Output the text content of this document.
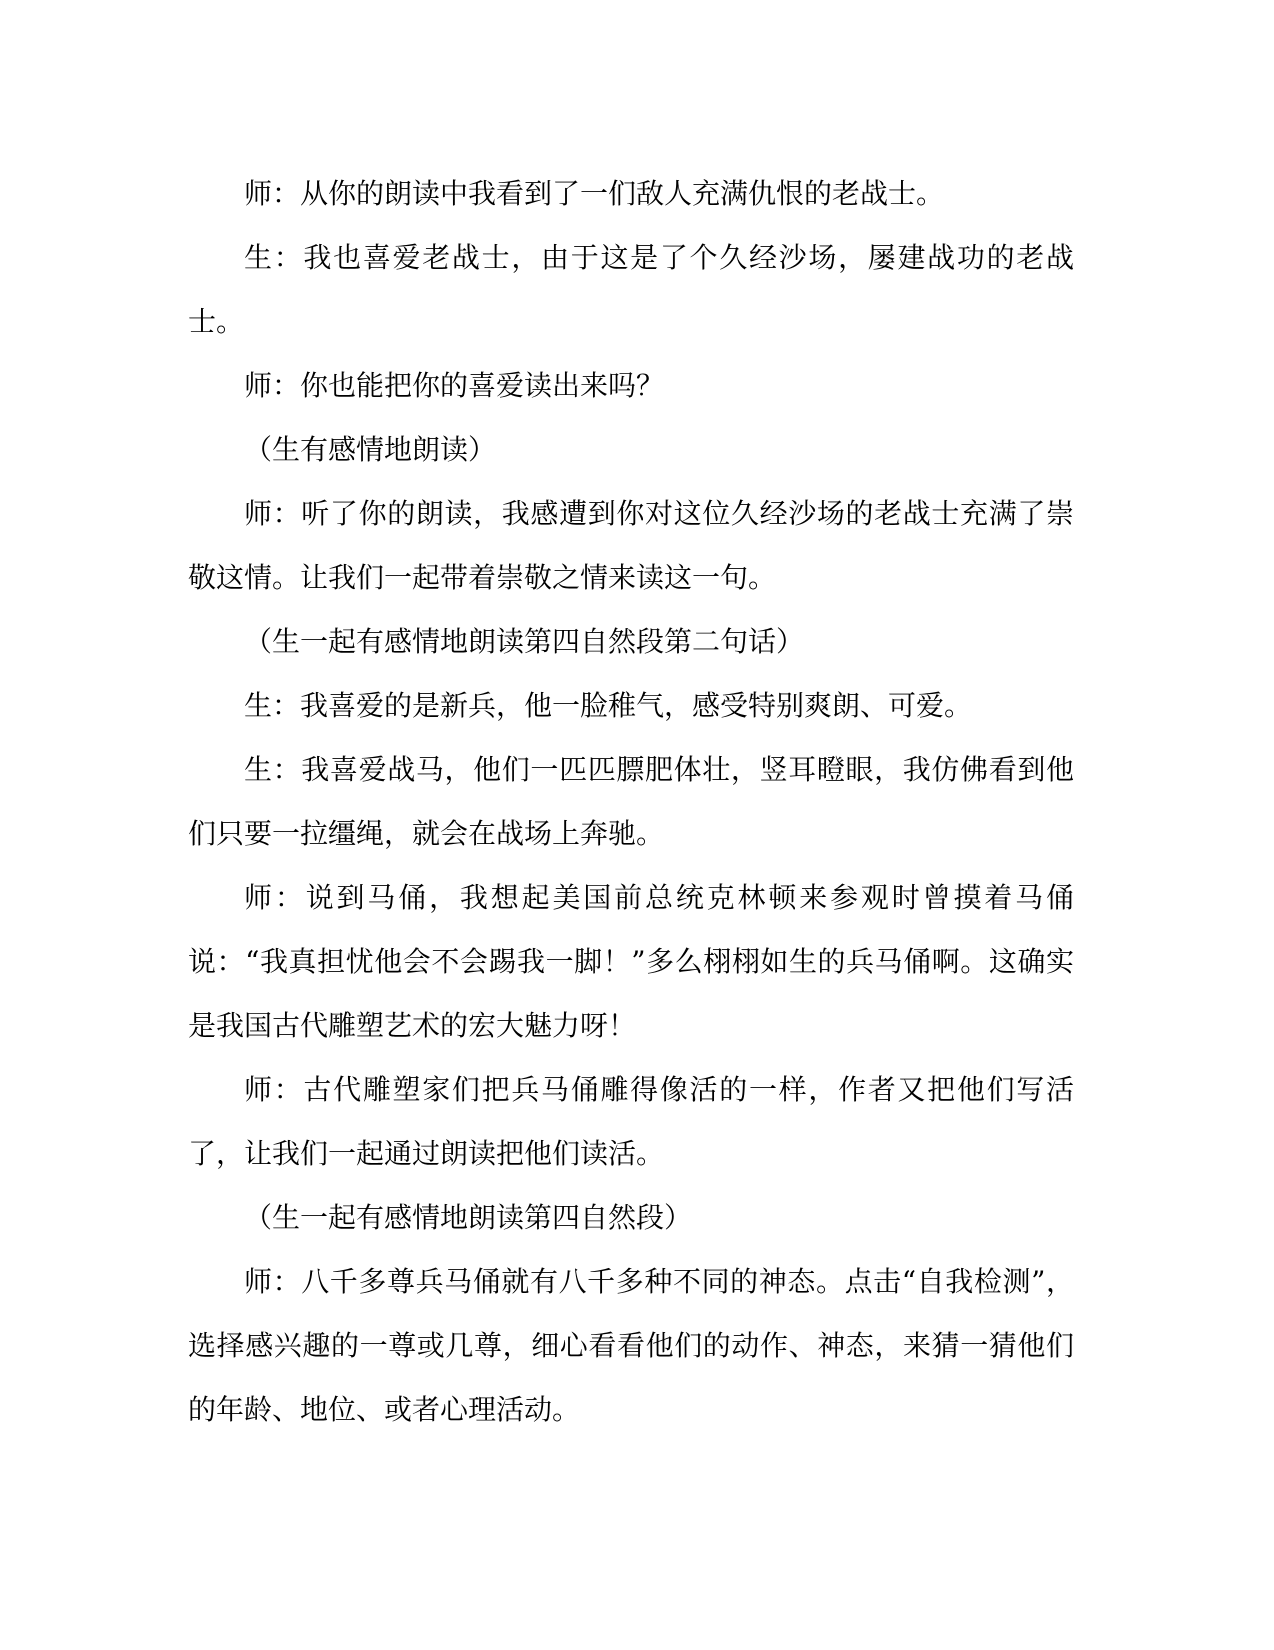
师：从你的朗读中我看到了一们敌人充满仇恨的老战士。

生：我也喜爱老战士，由于这是了个久经沙场，屡建战功的老战士。

师：你也能把你的喜爱读出来吗？

（生有感情地朗读）

师：听了你的朗读，我感遭到你对这位久经沙场的老战士充满了崇敬这情。让我们一起带着崇敬之情来读这一句。

（生一起有感情地朗读第四自然段第二句话）

生：我喜爱的是新兵，他一脸稚气，感受特别爽朗、可爱。

生：我喜爱战马，他们一匹匹膘肥体壮，竖耳瞪眼，我仿佛看到他们只要一拉缰绳，就会在战场上奔驰。

师：说到马俑，我想起美国前总统克林顿来参观时曾摸着马俑说：“我真担忧他会不会踢我一脚！”多么栩栩如生的兵马俑啊。这确实是我国古代雕塑艺术的宏大魅力呀！

师：古代雕塑家们把兵马俑雕得像活的一样，作者又把他们写活了，让我们一起通过朗读把他们读活。

（生一起有感情地朗读第四自然段）

师：八千多尊兵马俑就有八千多种不同的神态。点击“自我检测”，选择感兴趣的一尊或几尊，细心看看他们的动作、神态，来猜一猜他们的年龄、地位、或者心理活动。
